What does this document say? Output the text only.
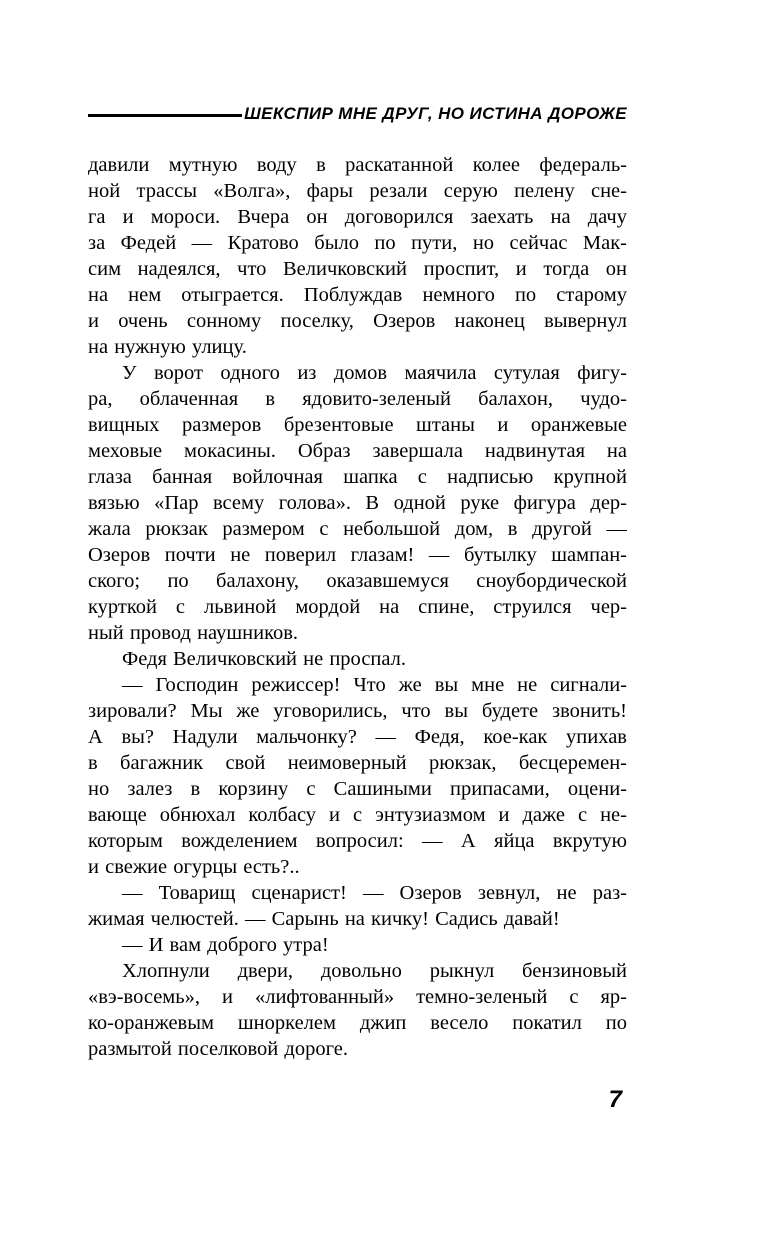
ШЕКСПИР МНЕ ДРУГ, НО ИСТИНА ДОРОЖЕ
давили мутную воду в раскатанной колее федераль-
ной трассы «Волга», фары резали серую пелену сне-
га и мороси. Вчера он договорился заехать на дачу
за Федей — Кратово было по пути, но сейчас Мак-
сим надеялся, что Величковский проспит, и тогда он
на нем отыграется. Поблуждав немного по старому
и очень сонному поселку, Озеров наконец вывернул
на нужную улицу.
У ворот одного из домов маячила сутулая фигу-
ра, облаченная в ядовито-зеленый балахон, чудо-
вищных размеров брезентовые штаны и оранжевые
меховые мокасины. Образ завершала надвинутая на
глаза банная войлочная шапка с надписью крупной
вязью «Пар всему голова». В одной руке фигура дер-
жала рюкзак размером с небольшой дом, в другой —
Озеров почти не поверил глазам! — бутылку шампан-
ского; по балахону, оказавшемуся сноубордической
курткой с львиной мордой на спине, струился чер-
ный провод наушников.
Федя Величковский не проспал.
— Господин режиссер! Что же вы мне не сигнали-
зировали? Мы же уговорились, что вы будете звонить!
А вы? Надули мальчонку? — Федя, кое-как упихав
в багажник свой неимоверный рюкзак, бесцеремен-
но залез в корзину с Сашиными припасами, оцени-
вающе обнюхал колбасу и с энтузиазмом и даже с не-
которым вожделением вопросил: — А яйца вкрутую
и свежие огурцы есть?..
— Товарищ сценарист! — Озеров зевнул, не раз-
жимая челюстей. — Сарынь на кичку! Садись давай!
— И вам доброго утра!
Хлопнули двери, довольно рыкнул бензиновый
«вэ-восемь», и «лифтованный» темно-зеленый с яр-
ко-оранжевым шноркелем джип весело покатил по
размытой поселковой дороге.
7
